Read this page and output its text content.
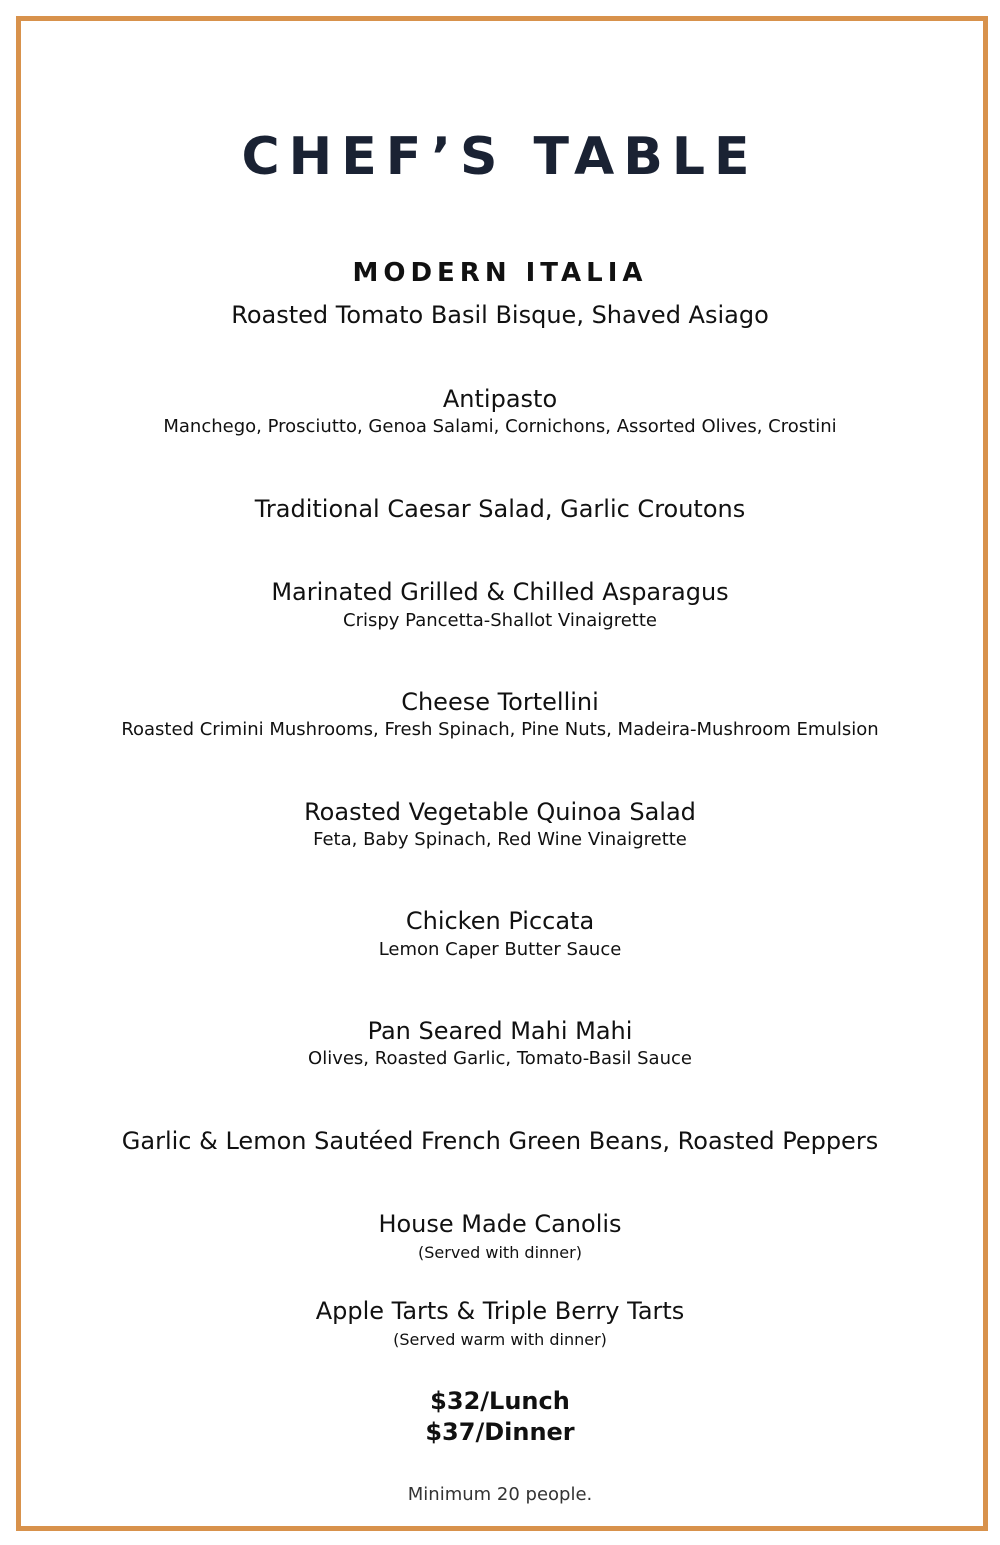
CHEF’S TABLE
MODERN ITALIA
Roasted Tomato Basil Bisque, Shaved Asiago
Antipasto
Manchego, Prosciutto, Genoa Salami, Cornichons, Assorted Olives, Crostini
Traditional Caesar Salad, Garlic Croutons
Marinated Grilled & Chilled Asparagus
Crispy Pancetta-Shallot Vinaigrette
Cheese Tortellini
Roasted Crimini Mushrooms, Fresh Spinach, Pine Nuts, Madeira-Mushroom Emulsion
Roasted Vegetable Quinoa Salad
Feta, Baby Spinach, Red Wine Vinaigrette
Chicken Piccata
Lemon Caper Butter Sauce
Pan Seared Mahi Mahi
Olives, Roasted Garlic, Tomato-Basil Sauce
Garlic & Lemon Sautéed French Green Beans, Roasted Peppers
House Made Canolis
(Served with dinner)
Apple Tarts & Triple Berry Tarts
(Served warm with dinner)
$32/Lunch
$37/Dinner
Minimum 20 people.
